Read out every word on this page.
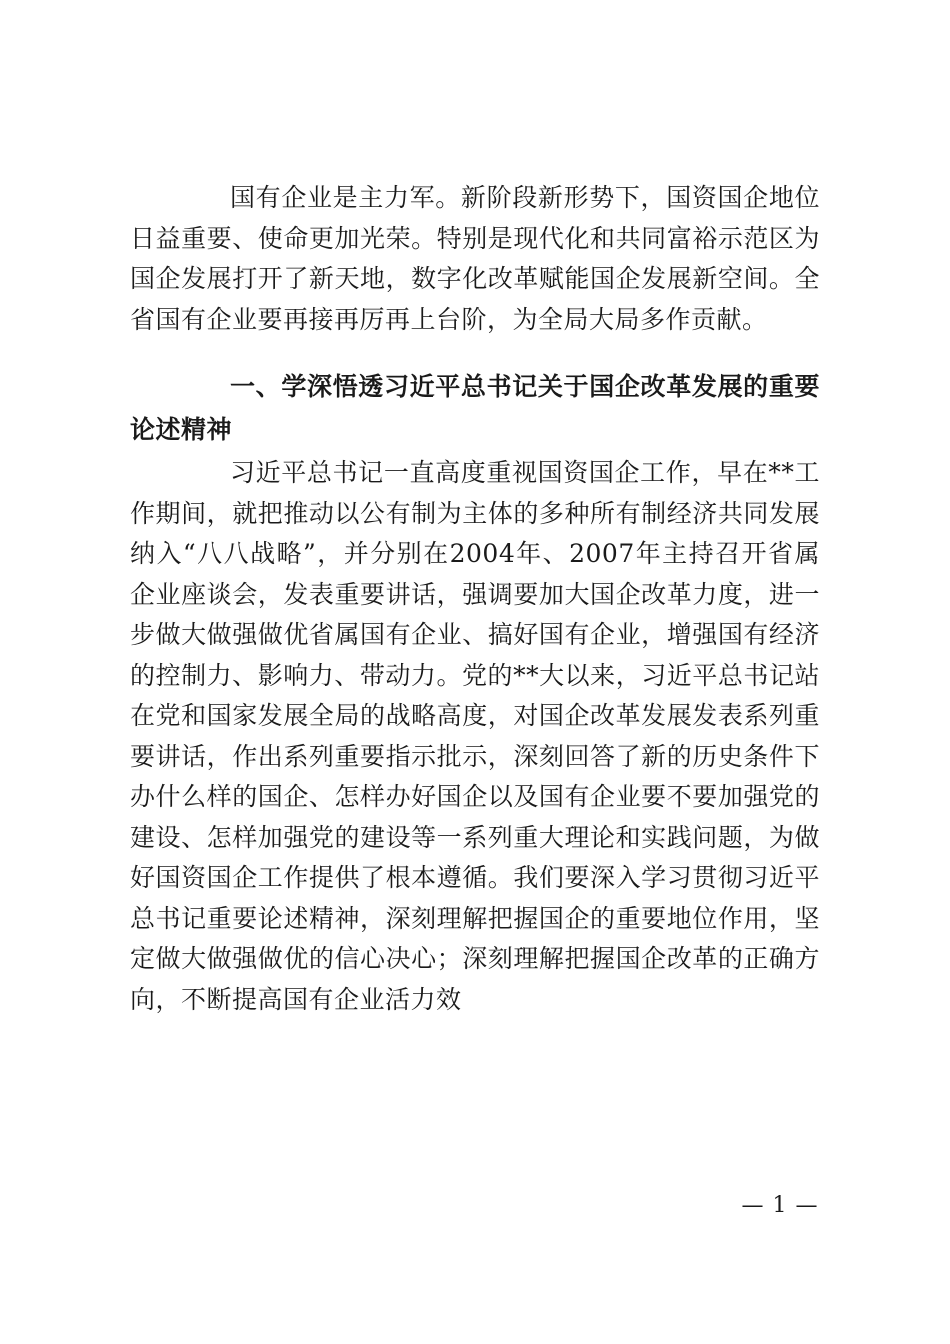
国有企业是主力军。新阶段新形势下，国资国企地位日益重要、使命更加光荣。特别是现代化和共同富裕示范区为国企发展打开了新天地，数字化改革赋能国企发展新空间。全省国有企业要再接再厉再上台阶，为全局大局多作贡献。

一、学深悟透习近平总书记关于国企改革发展的重要论述精神

习近平总书记一直高度重视国资国企工作，早在**工作期间，就把推动以公有制为主体的多种所有制经济共同发展纳入“八八战略”，并分别在2004年、2007年主持召开省属企业座谈会，发表重要讲话，强调要加大国企改革力度，进一步做大做强做优省属国有企业、搞好国有企业，增强国有经济的控制力、影响力、带动力。党的**大以来，习近平总书记站在党和国家发展全局的战略高度，对国企改革发展发表系列重要讲话，作出系列重要指示批示，深刻回答了新的历史条件下办什么样的国企、怎样办好国企以及国有企业要不要加强党的建设、怎样加强党的建设等一系列重大理论和实践问题，为做好国资国企工作提供了根本遵循。我们要深入学习贯彻习近平总书记重要论述精神，深刻理解把握国企的重要地位作用，坚定做大做强做优的信心决心；深刻理解把握国企改革的正确方向，不断提高国有企业活力效

— 1 —
